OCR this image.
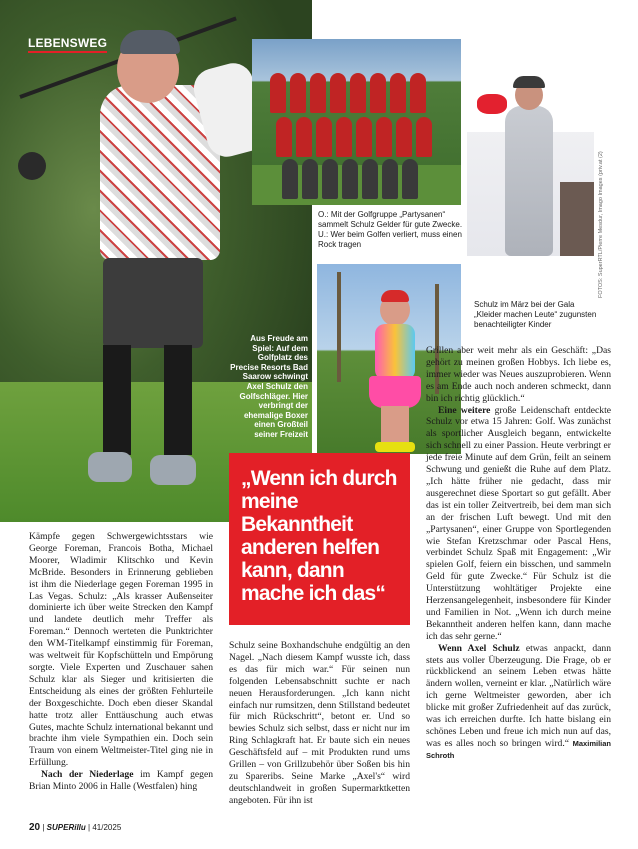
LEBENSWEG
Aus Freude am Spiel: Auf dem Golfplatz des Precise Resorts Bad Saarow schwingt Axel Schulz den Golfschläger. Hier verbringt der ehemalige Boxer einen Großteil seiner Freizeit
O.: Mit der Golfgruppe „Partysanen“ sammelt Schulz Gelder für gute Zwecke. U.: Wer beim Golfen verliert, muss einen Rock tragen	FOTOS: SuperRTL/Pierre Mesdur, Imago Images (priv.at (2)
Schulz im März bei der Gala „Kleider machen Leute“ zugunsten benachteiligter Kinder

„Wenn ich durch meine Bekanntheit anderen helfen kann, dann mache ich das“

Kämpfe gegen Schwergewichtsstars wie George Foreman, Francois Botha, Michael Moorer, Wladimir Klitschko und Kevin McBride. Besonders in Erinnerung geblieben ist ihm die Niederlage gegen Foreman 1995 in Las Vegas. Schulz: „Als krasser Außenseiter dominierte ich über weite Strecken den Kampf und landete deutlich mehr Treffer als Foreman.“ Dennoch werteten die Punktrichter den WM-Titelkampf einstimmig für Foreman, was weltweit für Kopfschütteln und Empörung sorgte. Viele Experten und Zuschauer sahen Schulz klar als Sieger und kritisierten die Entscheidung als eines der größten Fehlurteile der Boxgeschichte. Doch eben dieser Skandal hatte trotz aller Enttäuschung auch etwas Gutes, machte Schulz international bekannt und brachte ihm viele Sympathien ein. Doch sein Traum von einem Weltmeister-Titel ging nie in Erfüllung.

Nach der Niederlage im Kampf gegen Brian Minto 2006 in Halle (Westfalen) hing

Schulz seine Boxhandschuhe endgültig an den Nagel. „Nach diesem Kampf wusste ich, dass es das für mich war.“ Für seinen nun folgenden Lebensabschnitt suchte er nach neuen Herausforderungen. „Ich kann nicht einfach nur rumsitzen, denn Stillstand bedeutet für mich Rückschritt“, betont er. Und so bewies Schulz sich selbst, dass er nicht nur im Ring Schlagkraft hat. Er baute sich ein neues Geschäftsfeld auf – mit Produkten rund ums Grillen – von Grillzubehör über Soßen bis hin zu Spareribs. Seine Marke „Axel's“ wird deutschlandweit in großen Supermarktketten angeboten. Für ihn ist

Grillen aber weit mehr als ein Geschäft: „Das gehört zu meinen großen Hobbys. Ich liebe es, immer wieder was Neues auszuprobieren. Wenn es am Ende auch noch anderen schmeckt, dann bin ich richtig glücklich.“

Eine weitere große Leidenschaft entdeckte Schulz vor etwa 15 Jahren: Golf. Was zunächst als sportlicher Ausgleich begann, entwickelte sich schnell zu einer Passion. Heute verbringt er jede freie Minute auf dem Grün, feilt an seinem Schwung und genießt die Ruhe auf dem Platz. „Ich hätte früher nie gedacht, dass mir ausgerechnet diese Sportart so gut gefällt. Aber das ist ein toller Zeitvertreib, bei dem man sich an der frischen Luft bewegt. Und mit den „Partysanen“, einer Gruppe von Sportlegenden wie Stefan Kretzschmar oder Pascal Hens, verbindet Schulz Spaß mit Engagement: „Wir spielen Golf, feiern ein bisschen, und sammeln Geld für gute Zwecke.“ Für Schulz ist die Unterstützung wohltätiger Projekte eine Herzensangelegenheit, insbesondere für Kinder und Familien in Not. „Wenn ich durch meine Bekanntheit anderen helfen kann, dann mache ich das sehr gerne.“

Wenn Axel Schulz etwas anpackt, dann stets aus voller Überzeugung. Die Frage, ob er rückblickend an seinem Leben etwas hätte ändern wollen, verneint er klar. „Natürlich wäre ich gerne Weltmeister geworden, aber ich blicke mit großer Zufriedenheit auf das zurück, was ich erreichen durfte. Ich hatte bislang ein schönes Leben und freue ich mich nun auf das, was es alles noch so bringen wird.“ Maximilian Schroth

20 | SUPERillu | 41/2025
